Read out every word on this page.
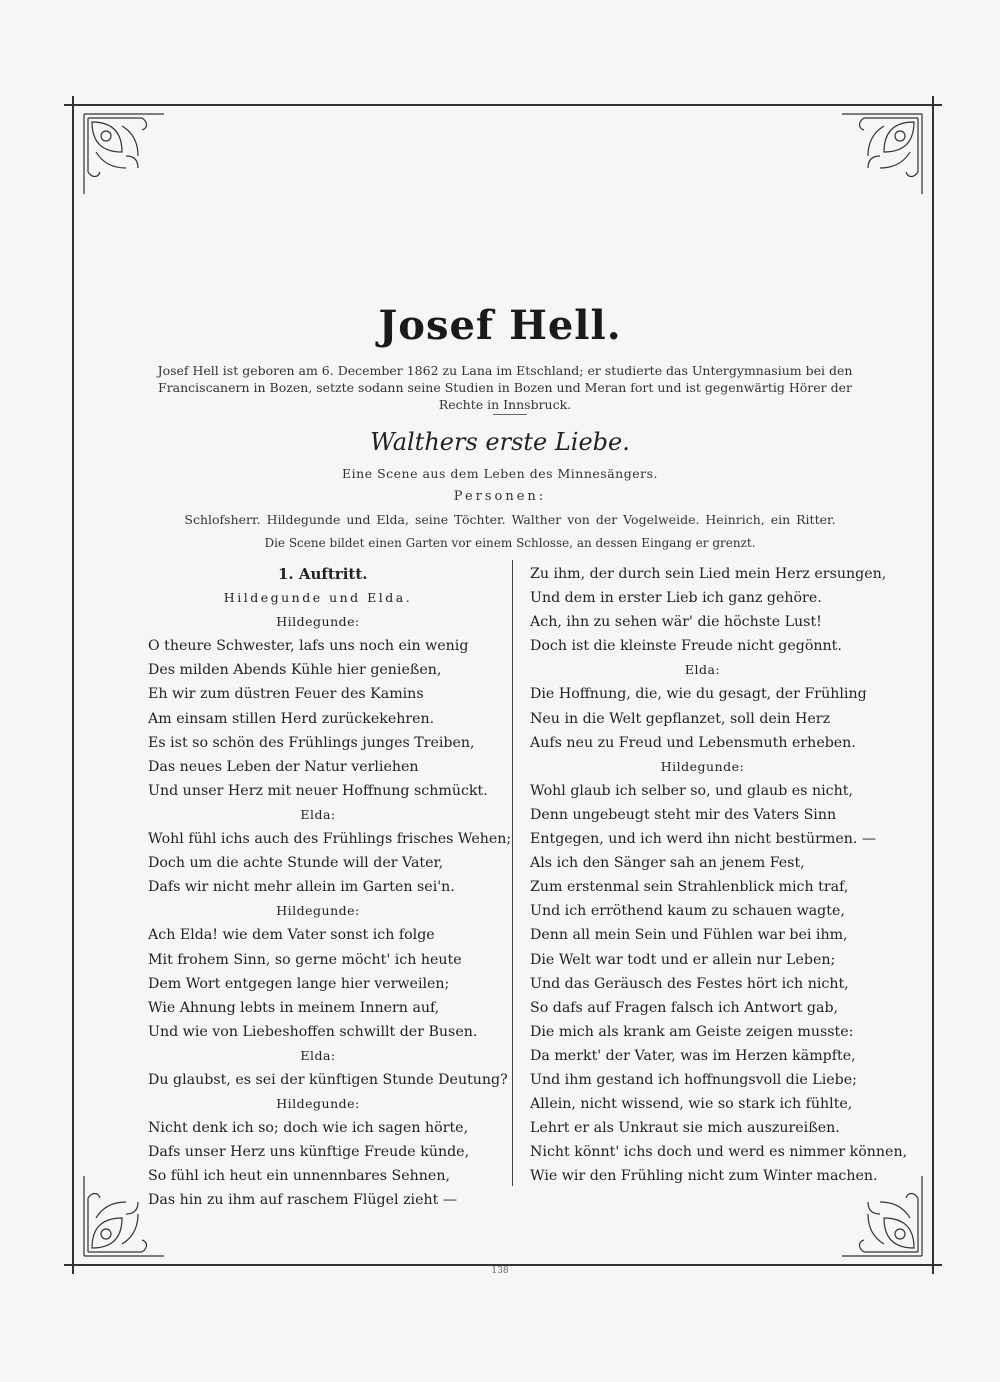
Josef Hell.
Josef Hell ist geboren am 6. December 1862 zu Lana im Etschland; er studierte das Untergymnasium bei den Franciscanern in Bozen, setzte sodann seine Studien in Bozen und Meran fort und ist gegenwärtig Hörer der Rechte in Innsbruck.
Walthers erste Liebe.
Eine Scene aus dem Leben des Minnesängers.
Personen:
Schlofsherr. Hildegunde und Elda, seine Töchter. Walther von der Vogelweide. Heinrich, ein Ritter.
Die Scene bildet einen Garten vor einem Schlosse, an dessen Eingang er grenzt.
1. Auftritt.
Hildegunde und Elda.
Hildegunde:
O theure Schwester, lafs uns noch ein wenig
Des milden Abends Kühle hier genießen,
Eh wir zum düstren Feuer des Kamins
Am einsam stillen Herd zurückekehren.
Es ist so schön des Frühlings junges Treiben,
Das neues Leben der Natur verliehen
Und unser Herz mit neuer Hoffnung schmückt.
Elda:
Wohl fühl ichs auch des Frühlings frisches Wehen;
Doch um die achte Stunde will der Vater,
Dafs wir nicht mehr allein im Garten sei'n.
Hildegunde:
Ach Elda! wie dem Vater sonst ich folge
Mit frohem Sinn, so gerne möcht' ich heute
Dem Wort entgegen lange hier verweilen;
Wie Ahnung lebts in meinem Innern auf,
Und wie von Liebeshoffen schwillt der Busen.
Elda:
Du glaubst, es sei der künftigen Stunde Deutung?
Hildegunde:
Nicht denk ich so; doch wie ich sagen hörte,
Dafs unser Herz uns künftige Freude künde,
So fühl ich heut ein unnennbares Sehnen,
Das hin zu ihm auf raschem Flügel zieht —
Zu ihm, der durch sein Lied mein Herz ersungen,
Und dem in erster Lieb ich ganz gehöre.
Ach, ihn zu sehen wär' die höchste Lust!
Doch ist die kleinste Freude nicht gegönnt.
Elda:
Die Hoffnung, die, wie du gesagt, der Frühling
Neu in die Welt gepflanzet, soll dein Herz
Aufs neu zu Freud und Lebensmuth erheben.
Hildegunde:
Wohl glaub ich selber so, und glaub es nicht,
Denn ungebeugt steht mir des Vaters Sinn
Entgegen, und ich werd ihn nicht bestürmen. —
Als ich den Sänger sah an jenem Fest,
Zum erstenmal sein Strahlenblick mich traf,
Und ich erröthend kaum zu schauen wagte,
Denn all mein Sein und Fühlen war bei ihm,
Die Welt war todt und er allein nur Leben;
Und das Geräusch des Festes hört ich nicht,
So dafs auf Fragen falsch ich Antwort gab,
Die mich als krank am Geiste zeigen musste:
Da merkt' der Vater, was im Herzen kämpfte,
Und ihm gestand ich hoffnungsvoll die Liebe;
Allein, nicht wissend, wie so stark ich fühlte,
Lehrt er als Unkraut sie mich auszureißen.
Nicht könnt' ichs doch und werd es nimmer können,
Wie wir den Frühling nicht zum Winter machen.
138
